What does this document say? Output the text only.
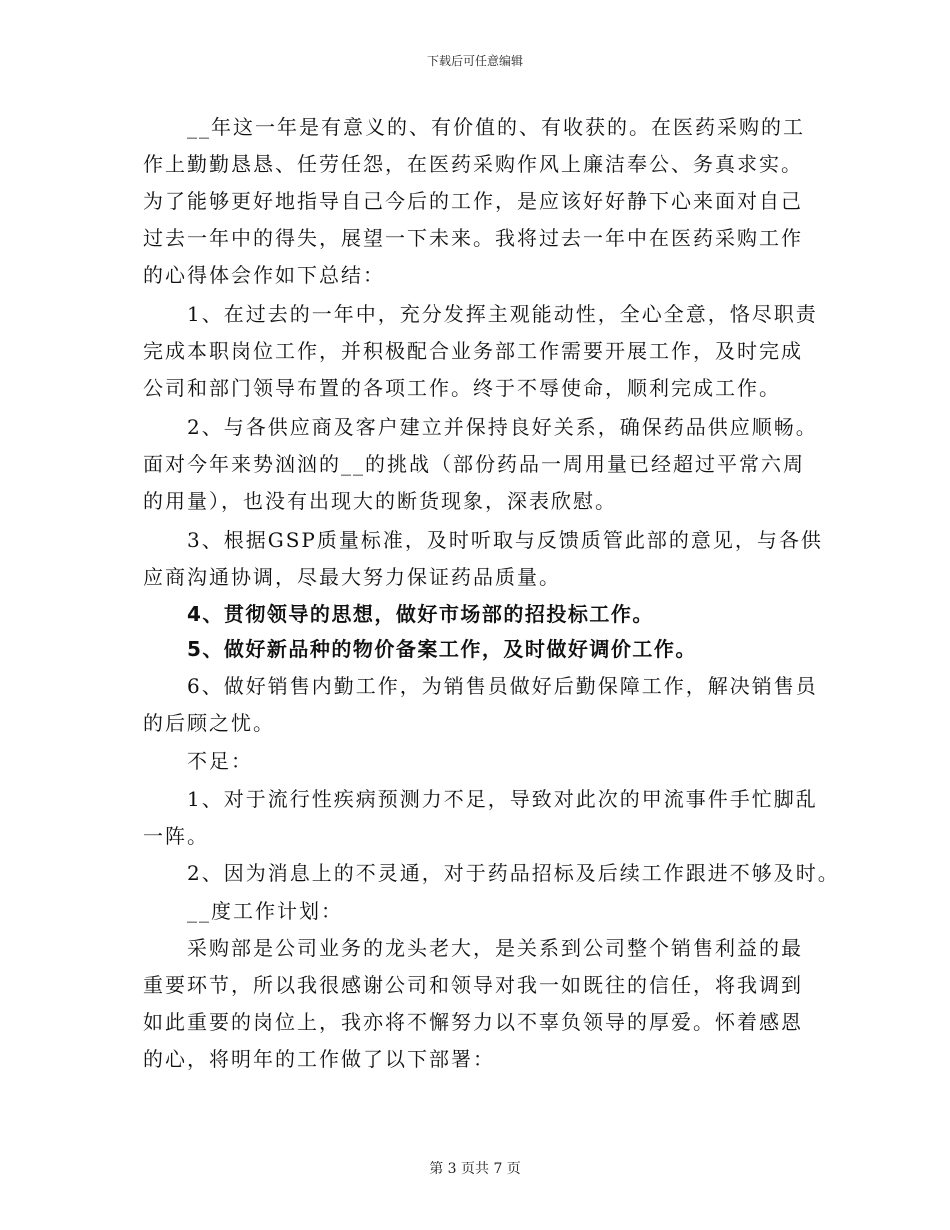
下载后可任意编辑
__年这一年是有意义的、有价值的、有收获的。在医药采购的工
作上勤勤恳恳、任劳任怨，在医药采购作风上廉洁奉公、务真求实。
为了能够更好地指导自己今后的工作，是应该好好静下心来面对自己
过去一年中的得失，展望一下未来。我将过去一年中在医药采购工作
的心得体会作如下总结：
1、在过去的一年中，充分发挥主观能动性，全心全意，恪尽职责
完成本职岗位工作，并积极配合业务部工作需要开展工作，及时完成
公司和部门领导布置的各项工作。终于不辱使命，顺利完成工作。
2、与各供应商及客户建立并保持良好关系，确保药品供应顺畅。
面对今年来势汹汹的__的挑战（部份药品一周用量已经超过平常六周
的用量），也没有出现大的断货现象，深表欣慰。
3、根据GSP质量标准，及时听取与反馈质管此部的意见，与各供
应商沟通协调，尽最大努力保证药品质量。
4、贯彻领导的思想，做好市场部的招投标工作。
5、做好新品种的物价备案工作，及时做好调价工作。
6、做好销售内勤工作，为销售员做好后勤保障工作，解决销售员
的后顾之忧。
不足：
1、对于流行性疾病预测力不足，导致对此次的甲流事件手忙脚乱
一阵。
2、因为消息上的不灵通，对于药品招标及后续工作跟进不够及时。
__度工作计划：
采购部是公司业务的龙头老大，是关系到公司整个销售利益的最
重要环节，所以我很感谢公司和领导对我一如既往的信任，将我调到
如此重要的岗位上，我亦将不懈努力以不辜负领导的厚爱。怀着感恩
的心，将明年的工作做了以下部署：
第 3 页共 7 页
